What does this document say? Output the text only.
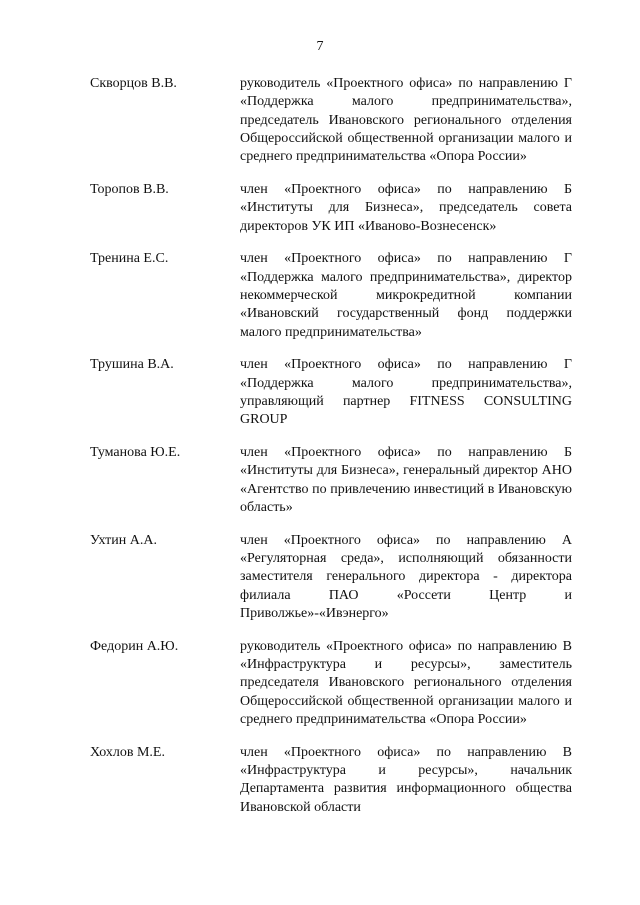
7
Скворцов В.В.	руководитель «Проектного офиса» по направлению Г «Поддержка малого предпринимательства», председатель Ивановского регионального отделения Общероссийской общественной организации малого и среднего предпринимательства «Опора России»
Торопов В.В.	член «Проектного офиса» по направлению Б «Институты для Бизнеса», председатель совета директоров УК ИП «Иваново-Вознесенск»
Тренина Е.С.	член «Проектного офиса» по направлению Г «Поддержка малого предпринимательства», директор некоммерческой микрокредитной компании «Ивановский государственный фонд поддержки малого предпринимательства»
Трушина В.А.	член «Проектного офиса» по направлению Г «Поддержка малого предпринимательства», управляющий партнер FITNESS CONSULTING GROUP
Туманова Ю.Е.	член «Проектного офиса» по направлению Б «Институты для Бизнеса», генеральный директор АНО «Агентство по привлечению инвестиций в Ивановскую область»
Ухтин А.А.	член «Проектного офиса» по направлению А «Регуляторная среда», исполняющий обязанности заместителя генерального директора - директора филиала ПАО «Россети Центр и Приволжье»-«Ивэнерго»
Федорин А.Ю.	руководитель «Проектного офиса» по направлению В «Инфраструктура и ресурсы», заместитель председателя Ивановского регионального отделения Общероссийской общественной организации малого и среднего предпринимательства «Опора России»
Хохлов М.Е.	член «Проектного офиса» по направлению В «Инфраструктура и ресурсы», начальник Департамента развития информационного общества Ивановской области
